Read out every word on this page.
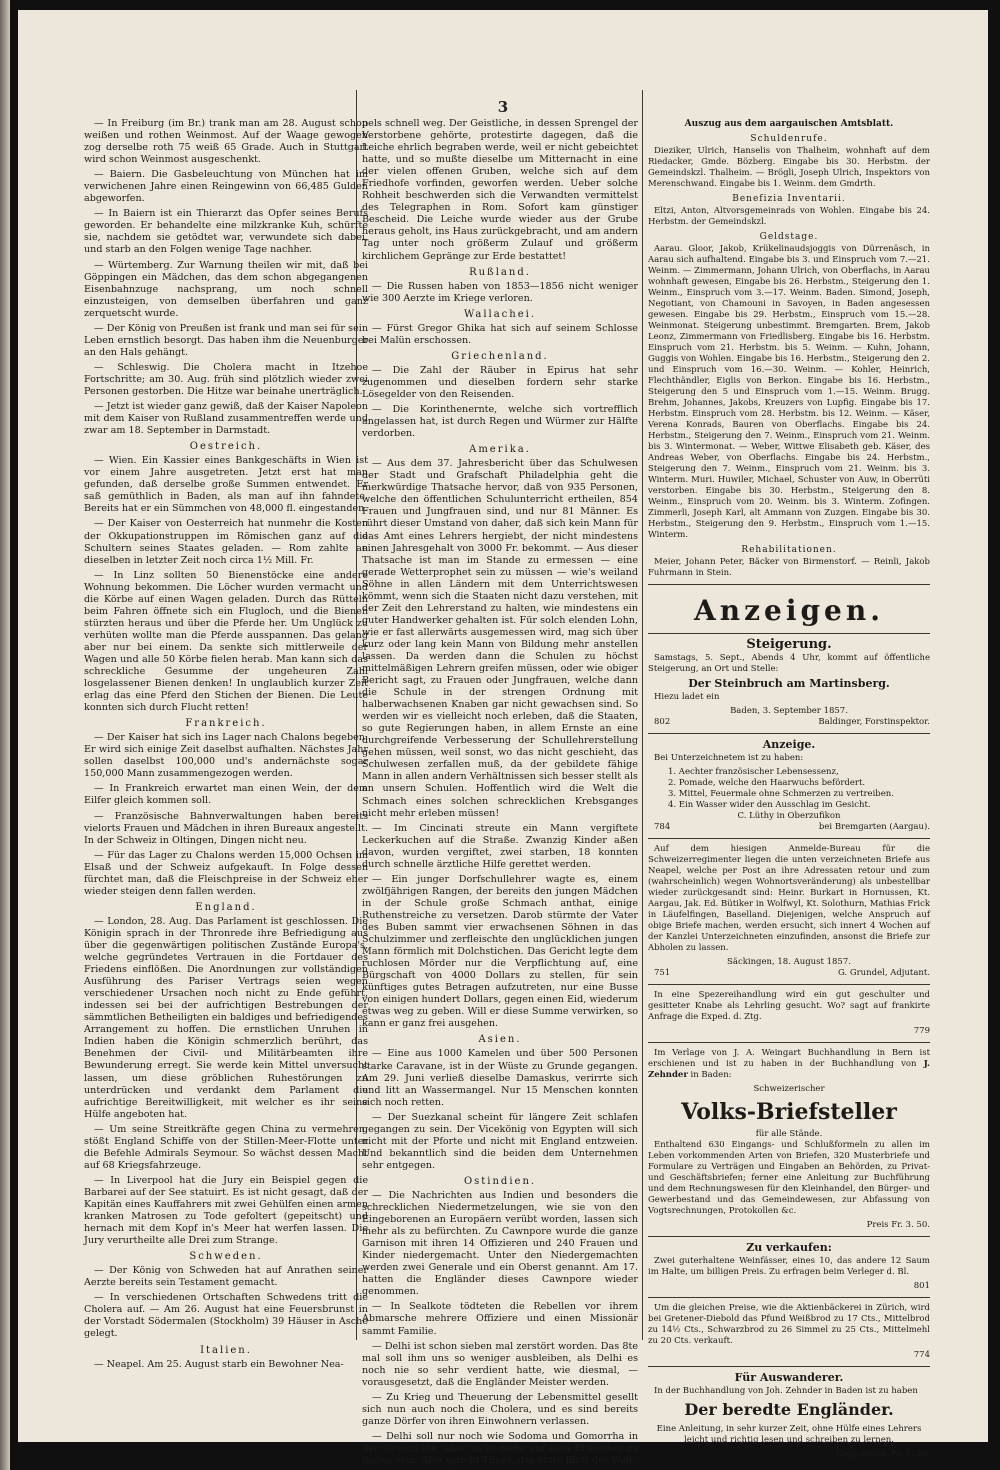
3

— In Freiburg (im Br.) trank man am 28. August schon weißen und rothen Weinmost. Auf der Waage gewogen zog derselbe roth 75 weiß 65 Grade. Auch in Stuttgart wird schon Weinmost ausgeschenkt.

— Baiern. Die Gasbeleuchtung von München hat im verwichenen Jahre einen Reingewinn von 66,485 Gulden abgeworfen.

— In Baiern ist ein Thierarzt das Opfer seines Berufs geworden. Er behandelte eine milzkranke Kuh, schürfte sie, nachdem sie getödtet war, verwundete sich dabei, und starb an den Folgen wenige Tage nachher.

— Würtemberg. Zur Warnung theilen wir mit, daß bei Göppingen ein Mädchen, das dem schon abgegangenen Eisenbahnzuge nachsprang, um noch schnell einzusteigen, von demselben überfahren und ganz zerquetscht wurde.

— Der König von Preußen ist frank und man sei für sein Leben ernstlich besorgt. Das haben ihm die Neuenburger an den Hals gehängt.

— Schleswig. Die Cholera macht in Itzehoe Fortschritte; am 30. Aug. früh sind plötzlich wieder zwei Personen gestorben. Die Hitze war beinahe unerträglich.

— Jetzt ist wieder ganz gewiß, daß der Kaiser Napoleon mit dem Kaiser von Rußland zusammentreffen werde und zwar am 18. September in Darmstadt.

Oestreich.

— Wien. Ein Kassier eines Bankgeschäfts in Wien ist vor einem Jahre ausgetreten. Jetzt erst hat man gefunden, daß derselbe große Summen entwendet. Er saß gemüthlich in Baden, als man auf ihn fahndete. Bereits hat er ein Sümmchen von 48,000 fl. eingestanden.

— Der Kaiser von Oesterreich hat nunmehr die Kosten der Okkupationstruppen im Römischen ganz auf die Schultern seines Staates geladen. — Rom zahlte an dieselben in letzter Zeit noch circa 1½ Mill. Fr.

— In Linz sollten 50 Bienenstöcke eine andere Wohnung bekommen. Die Löcher wurden vermacht und die Körbe auf einen Wagen geladen. Durch das Rütteln beim Fahren öffnete sich ein Flugloch, und die Bienen stürzten heraus und über die Pferde her. Um Unglück zu verhüten wollte man die Pferde ausspannen. Das gelang aber nur bei einem. Da senkte sich mittlerweile der Wagen und alle 50 Körbe fielen herab. Man kann sich das schreckliche Gesumme der ungeheuren Zahl losgelassener Bienen denken! In unglaublich kurzer Zeit erlag das eine Pferd den Stichen der Bienen. Die Leute konnten sich durch Flucht retten!

Frankreich.

— Der Kaiser hat sich ins Lager nach Chalons begeben. Er wird sich einige Zeit daselbst aufhalten. Nächstes Jahr sollen daselbst 100,000 und's andernächste sogar 150,000 Mann zusammengezogen werden.

— In Frankreich erwartet man einen Wein, der dem Eilfer gleich kommen soll.

— Französische Bahnverwaltungen haben bereits vielorts Frauen und Mädchen in ihren Bureaux angestellt. In der Schweiz in Oltingen, Dingen nicht neu.

— Für das Lager zu Chalons werden 15,000 Ochsen im Elsaß und der Schweiz aufgekauft. In Folge dessen fürchtet man, daß die Fleischpreise in der Schweiz eher wieder steigen denn fallen werden.

England.

— London, 28. Aug. Das Parlament ist geschlossen. Die Königin sprach in der Thronrede ihre Befriedigung aus über die gegenwärtigen politischen Zustände Europa's, welche gegründetes Vertrauen in die Fortdauer des Friedens einflößen. Die Anordnungen zur vollständigen Ausführung des Pariser Vertrags seien wegen verschiedener Ursachen noch nicht zu Ende geführt, indessen sei bei der aufrichtigen Bestrebungen der sämmtlichen Betheiligten ein baldiges und befriedigendes Arrangement zu hoffen. Die ernstlichen Unruhen in Indien haben die Königin schmerzlich berührt, das Benehmen der Civil- und Militärbeamten ihre Bewunderung erregt. Sie werde kein Mittel unversucht lassen, um diese gröblichen Ruhestörungen zu unterdrücken und verdankt dem Parlament die aufrichtige Bereitwilligkeit, mit welcher es ihr seine Hülfe angeboten hat.

— Um seine Streitkräfte gegen China zu vermehren, stößt England Schiffe von der Stillen-Meer-Flotte unter die Befehle Admirals Seymour. So wächst dessen Macht auf 68 Kriegsfahrzeuge.

— In Liverpool hat die Jury ein Beispiel gegen die Barbarei auf der See statuirt. Es ist nicht gesagt, daß der Kapitän eines Kauffahrers mit zwei Gehülfen einen armen kranken Matrosen zu Tode gefoltert (gepeitscht) und hernach mit dem Kopf in's Meer hat werfen lassen. Die Jury verurtheilte alle Drei zum Strange.

Schweden.

— Der König von Schweden hat auf Anrathen seiner Aerzte bereits sein Testament gemacht.

— In verschiedenen Ortschaften Schwedens tritt die Cholera auf. — Am 26. August hat eine Feuersbrunst in der Vorstadt Södermalen (Stockholm) 39 Häuser in Asche gelegt.

Italien.

— Neapel. Am 25. August starb ein Bewohner Nea-

pels schnell weg. Der Geistliche, in dessen Sprengel der Verstorbene gehörte, protestirte dagegen, daß die Leiche ehrlich begraben werde, weil er nicht gebeichtet hatte, und so mußte dieselbe um Mitternacht in eine der vielen offenen Gruben, welche sich auf dem Friedhofe vorfinden, geworfen werden. Ueber solche Rohheit beschwerden sich die Verwandten vermittelst des Telegraphen in Rom. Sofort kam günstiger Bescheid. Die Leiche wurde wieder aus der Grube heraus geholt, ins Haus zurückgebracht, und am andern Tag unter noch größerm Zulauf und größerm kirchlichem Gepränge zur Erde bestattet!

Rußland.

— Die Russen haben von 1853—1856 nicht weniger wie 300 Aerzte im Kriege verloren.

Wallachei.

— Fürst Gregor Ghika hat sich auf seinem Schlosse bei Malün erschossen.

Griechenland.

— Die Zahl der Räuber in Epirus hat sehr zugenommen und dieselben fordern sehr starke Lösegelder von den Reisenden.

— Die Korinthenernte, welche sich vortrefflich angelassen hat, ist durch Regen und Würmer zur Hälfte verdorben.

Amerika.

— Aus dem 37. Jahresbericht über das Schulwesen der Stadt und Grafschaft Philadelphia geht die merkwürdige Thatsache hervor, daß von 935 Personen, welche den öffentlichen Schulunterricht ertheilen, 854 Frauen und Jungfrauen sind, und nur 81 Männer. Es rührt dieser Umstand von daher, daß sich kein Mann für das Amt eines Lehrers hergiebt, der nicht mindestens einen Jahresgehalt von 3000 Fr. bekommt. — Aus dieser Thatsache ist man im Stande zu ermessen — eine gerade Wetterprophet sein zu müssen — wie's weiland Söhne in allen Ländern mit dem Unterrichtswesen kömmt, wenn sich die Staaten nicht dazu verstehen, mit der Zeit den Lehrerstand zu halten, wie mindestens ein guter Handwerker gehalten ist. Für solch elenden Lohn, wie er fast allerwärts ausgemessen wird, mag sich über kurz oder lang kein Mann von Bildung mehr anstellen lassen. Da werden dann die Schulen zu höchst mittelmäßigen Lehrern greifen müssen, oder wie obiger Bericht sagt, zu Frauen oder Jungfrauen, welche dann die Schule in der strengen Ordnung mit halberwachsenen Knaben gar nicht gewachsen sind. So werden wir es vielleicht noch erleben, daß die Staaten, so gute Regierungen haben, in allem Ernste an eine durchgreifende Verbesserung der Schullehrerstellung gehen müssen, weil sonst, wo das nicht geschieht, das Schulwesen zerfallen muß, da der gebildete fähige Mann in allen andern Verhältnissen sich besser stellt als an unsern Schulen. Hoffentlich wird die Welt die Schmach eines solchen schrecklichen Krebsganges nicht mehr erleben müssen!

— Im Cincinati streute ein Mann vergiftete Leckerkuchen auf die Straße. Zwanzig Kinder aßen davon, wurden vergiftet, zwei starben, 18 konnten durch schnelle ärztliche Hilfe gerettet werden.

— Ein junger Dorfschullehrer wagte es, einem zwölfjährigen Rangen, der bereits den jungen Mädchen in der Schule große Schmach anthat, einige Ruthenstreiche zu versetzen. Darob stürmte der Vater des Buben sammt vier erwachsenen Söhnen in das Schulzimmer und zerfleischte den unglücklichen jungen Mann förmlich mit Dolchstichen. Das Gericht legte dem ruchlosen Mörder nur die Verpflichtung auf, eine Bürgschaft von 4000 Dollars zu stellen, für sein künftiges gutes Betragen aufzutreten, nur eine Busse von einigen hundert Dollars, gegen einen Eid, wiederum etwas weg zu geben. Will er diese Summe verwirken, so kann er ganz frei ausgehen.

Asien.

— Eine aus 1000 Kamelen und über 500 Personen starke Caravane, ist in der Wüste zu Grunde gegangen. Am 29. Juni verließ dieselbe Damaskus, verirrte sich und litt an Wassermangel. Nur 15 Menschen konnten sich noch retten.

— Der Suezkanal scheint für längere Zeit schlafen gegangen zu sein. Der Vicekönig von Egypten will sich nicht mit der Pforte und nicht mit England entzweien. Und bekanntlich sind die beiden dem Unternehmen sehr entgegen.

Ostindien.

— Die Nachrichten aus Indien und besonders die schrecklichen Niedermetzelungen, wie sie von den Eingeborenen an Europäern verübt worden, lassen sich mehr als zu befürchten. Zu Cawnpore wurde die ganze Garnison mit ihren 14 Offizieren und 240 Frauen und Kinder niedergemacht. Unter den Niedergemachten werden zwei Generale und ein Oberst genannt. Am 17. hatten die Engländer dieses Cawnpore wieder genommen.

— In Sealkote tödteten die Rebellen vor ihrem Abmarsche mehrere Offiziere und einen Missionär sammt Familie.

— Delhi ist schon sieben mal zerstört worden. Das 8te mal soll ihm uns so weniger ausbleiben, als Delhi es noch nie so sehr verdient hatte, wie diesmal, — vorausgesetzt, daß die Engländer Meister werden.

— Zu Krieg und Theuerung der Lebensmittel gesellt sich nun auch noch die Cholera, und es sind bereits ganze Dörfer von ihren Einwohnern verlassen.

— Delhi soll nur noch wie Sodoma und Gomorrha in der Geschichte, aber nicht mehr auf dem Erdboden zu finden sein. Also spricht Times, das erste Blatt der Welt.

Auszug aus dem aargauischen Amtsblatt.
Schuldenrufe.

Dieziker, Ulrich, Hanselis von Thalheim, wohnhaft auf dem Riedacker, Gmde. Bözberg. Eingabe bis 30. Herbstm. der Gemeindskzl. Thalheim. — Brögli, Joseph Ulrich, Inspektors von Merenschwand. Eingabe bis 1. Weinm. dem Gmdrth.

Benefizia Inventarii.

Eltzi, Anton, Altvorsgemeinrads von Wohlen. Eingabe bis 24. Herbstm. der Gemeindskzl.

Geldstage.

Aarau. Gloor, Jakob, Krükelinaudsjoggis von Dürrenäsch, in Aarau sich aufhaltend. Eingabe bis 3. und Einspruch vom 7.—21. Weinm. — Zimmermann, Johann Ulrich, von Oberflachs, in Aarau wohnhaft gewesen, Eingabe bis 26. Herbstm., Steigerung den 1. Weinm., Einspruch vom 3.—17. Weinm. Baden. Simond, Joseph, Negotiant, von Chamouni in Savoyen, in Baden angesessen gewesen. Eingabe bis 29. Herbstm., Einspruch vom 15.—28. Weinmonat. Steigerung unbestimmt. Bremgarten. Brem, Jakob Leonz, Zimmermann von Friedlisberg. Eingabe bis 16. Herbstm. Einspruch vom 21. Herbstm. bis 5. Weinm. — Kuhn, Johann, Guggis von Wohlen. Eingabe bis 16. Herbstm., Steigerung den 2. und Einspruch vom 16.—30. Weinm. — Kohler, Heinrich, Flechthändler, Eiglis von Berkon. Eingabe bis 16. Herbstm., Steigerung den 5 und Einspruch vom 1.—15. Weinm. Brugg. Brehm, Johannes, Jakobs, Kreuzers von Lupfig. Eingabe bis 17. Herbstm. Einspruch vom 28. Herbstm. bis 12. Weinm. — Käser, Verena Konrads, Bauren von Oberflachs. Eingabe bis 24. Herbstm., Steigerung den 7. Weinm., Einspruch vom 21. Weinm. bis 3. Wintermonat. — Weber, Wittwe Elisabeth geb. Käser, des Andreas Weber, von Oberflachs. Eingabe bis 24. Herbstm., Steigerung den 7. Weinm., Einspruch vom 21. Weinm. bis 3. Winterm. Muri. Huwiler, Michael, Schuster von Auw, in Oberrüti verstorben. Eingabe bis 30. Herbstm., Steigerung den 8. Weinm., Einspruch vom 20. Weinm. bis 3. Winterm. Zofingen. Zimmerli, Joseph Karl, alt Ammann von Zuzgen. Eingabe bis 30. Herbstm., Steigerung den 9. Herbstm., Einspruch vom 1.—15. Winterm.

Rehabilitationen.

Meier, Johann Peter, Bäcker von Birmenstorf. — Reinli, Jakob Fuhrmann in Stein.

Anzeigen.
Steigerung.

Samstags, 5. Sept., Abends 4 Uhr, kommt auf öffentliche Steigerung, an Ort und Stelle:

Der Steinbruch am Martinsberg.

Hiezu ladet ein

Baden, 3. September 1857.
802	Baldinger, Forstinspektor.
Anzeige.

Bei Unterzeichnetem ist zu haben:

1. Aechter französischer Lebensessenz,
2. Pomade, welche den Haarwuchs befördert.
3. Mittel, Feuermale ohne Schmerzen zu vertreiben.
4. Ein Wasser wider den Ausschlag im Gesicht.
C. Lüthy in Oberzufikon
784	bei Bremgarten (Aargau).

Auf dem hiesigen Anmelde-Bureau für die Schweizerregimenter liegen die unten verzeichneten Briefe aus Neapel, welche per Post an ihre Adressaten retour und zum (wahrscheinlich) wegen Wohnortsveränderung) als unbestellbar wieder zurückgesandt sind: Heinr. Burkart in Hornussen, Kt. Aargau, Jak. Ed. Bütiker in Wolfwyl, Kt. Solothurn, Mathias Frick in Läufelfingen, Baselland. Diejenigen, welche Anspruch auf obige Briefe machen, werden ersucht, sich innert 4 Wochen auf der Kanzlei Unterzeichneten einzufinden, ansonst die Briefe zur Abholen zu lassen.

Säckingen, 18. August 1857.
751	G. Grundel, Adjutant.

In eine Spezereihandlung wird ein gut geschulter und gesitteter Knabe als Lehrling gesucht. Wo? sagt auf frankirte Anfrage die Exped. d. Ztg.

779

Im Verlage von J. A. Weingart Buchhandlung in Bern ist erschienen und ist zu haben in der Buchhandlung von J. Zehnder in Baden:

Schweizerischer
Volks-Briefsteller
für alle Stände.

Enthaltend 630 Eingangs- und Schlußformeln zu allen im Leben vorkommenden Arten von Briefen, 320 Musterbriefe und Formulare zu Verträgen und Eingaben an Behörden, zu Privat- und Geschäftsbriefen; ferner eine Anleitung zur Buchführung und dem Rechnungswesen für den Kleinhandel, den Bürger- und Gewerbestand und das Gemeindewesen, zur Abfassung von Vogtsrechnungen, Protokollen &c.

Preis Fr. 3. 50.
Zu verkaufen:

Zwei guterhaltene Weinfässer, eines 10, das andere 12 Saum im Halte, um billigen Preis. Zu erfragen beim Verleger d. Bl.

801

Um die gleichen Preise, wie die Aktienbäckerei in Zürich, wird bei Gretener-Diebold das Pfund Weißbrod zu 17 Cts., Mittelbrod zu 14½ Cts., Schwarzbrod zu 26 Simmel zu 25 Cts., Mittelmehl zu 20 Cts. verkauft.

774
Für Auswanderer.

In der Buchhandlung von Joh. Zehnder in Baden ist zu haben

Der beredte Engländer.

Eine Anleitung, in sehr kurzer Zeit, ohne Hülfe eines Lehrers leicht und richtig lesen und schreiben zu lernen.

Eleg. broch. Fr. 1. 20.
